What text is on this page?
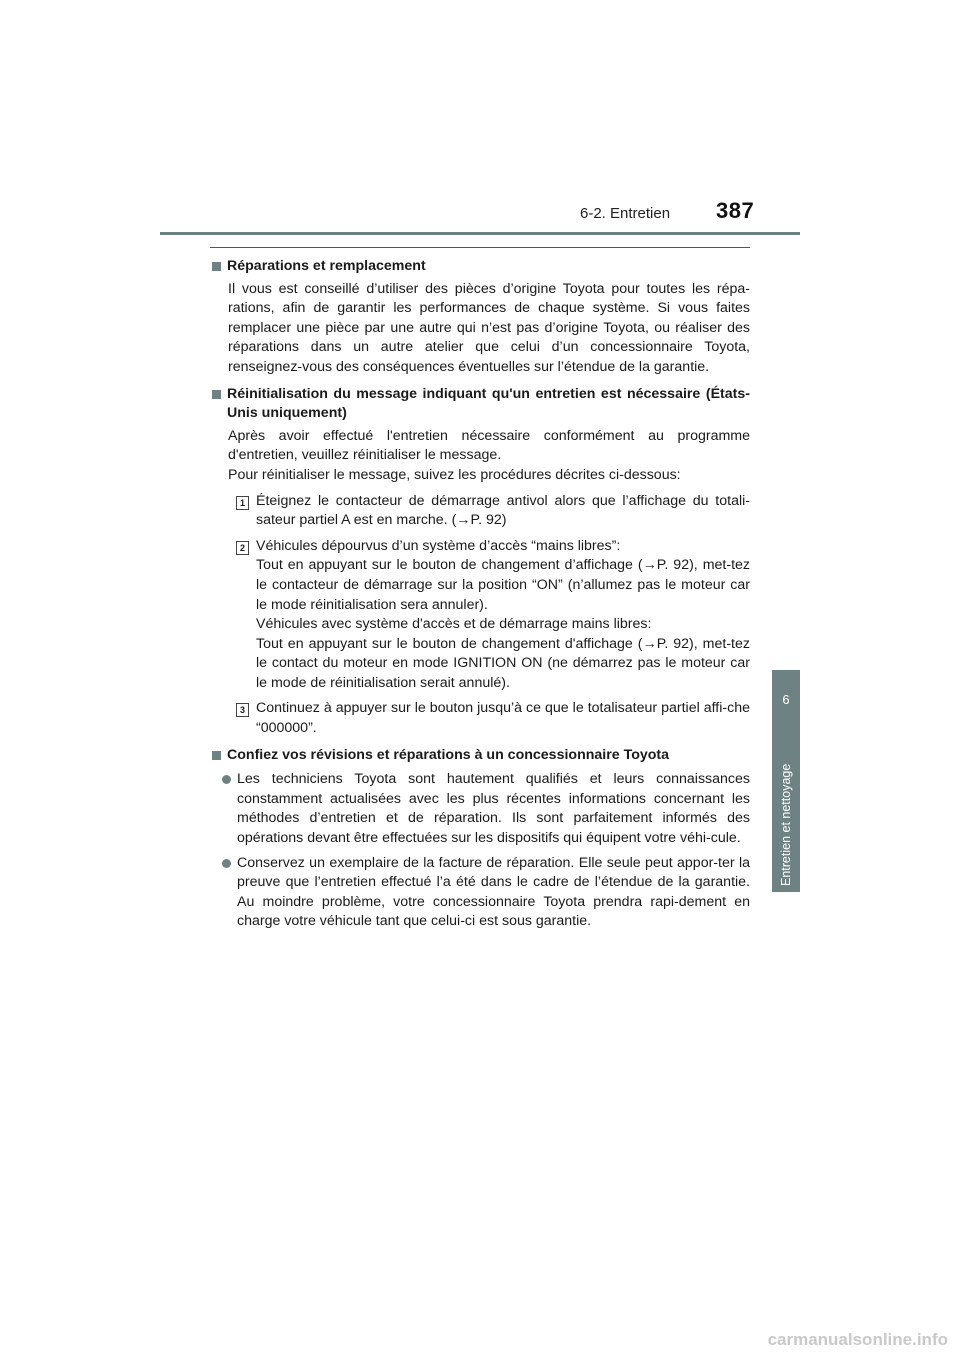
6-2. Entretien 387
6
Entretien et nettoyage
Réparations et remplacement

Il vous est conseillé d’utiliser des pièces d’origine Toyota pour toutes les répa-rations, afin de garantir les performances de chaque système. Si vous faites remplacer une pièce par une autre qui n’est pas d’origine Toyota, ou réaliser des réparations dans un autre atelier que celui d’un concessionnaire Toyota, renseignez-vous des conséquences éventuelles sur l’étendue de la garantie.

Réinitialisation du message indiquant qu'un entretien est nécessaire (États-Unis uniquement)

Après avoir effectué l'entretien nécessaire conformément au programme d'entretien, veuillez réinitialiser le message.

Pour réinitialiser le message, suivez les procédures décrites ci-dessous:

1 Éteignez le contacteur de démarrage antivol alors que l’affichage du totali-sateur partiel A est en marche. (→P. 92)

2 Véhicules dépourvus d’un système d’accès “mains libres”:

Tout en appuyant sur le bouton de changement d’affichage (→P. 92), met-tez le contacteur de démarrage sur la position “ON” (n’allumez pas le moteur car le mode réinitialisation sera annuler).

Véhicules avec système d'accès et de démarrage mains libres:

Tout en appuyant sur le bouton de changement d'affichage (→P. 92), met-tez le contact du moteur en mode IGNITION ON (ne démarrez pas le moteur car le mode de réinitialisation serait annulé).

3 Continuez à appuyer sur le bouton jusqu’à ce que le totalisateur partiel affi-che “000000”.

Confiez vos révisions et réparations à un concessionnaire Toyota
Les techniciens Toyota sont hautement qualifiés et leurs connaissances constamment actualisées avec les plus récentes informations concernant les méthodes d’entretien et de réparation. Ils sont parfaitement informés des opérations devant être effectuées sur les dispositifs qui équipent votre véhi-cule.
Conservez un exemplaire de la facture de réparation. Elle seule peut appor-ter la preuve que l’entretien effectué l’a été dans le cadre de l’étendue de la garantie. Au moindre problème, votre concessionnaire Toyota prendra rapi-dement en charge votre véhicule tant que celui-ci est sous garantie.
carmanualsonline.info
